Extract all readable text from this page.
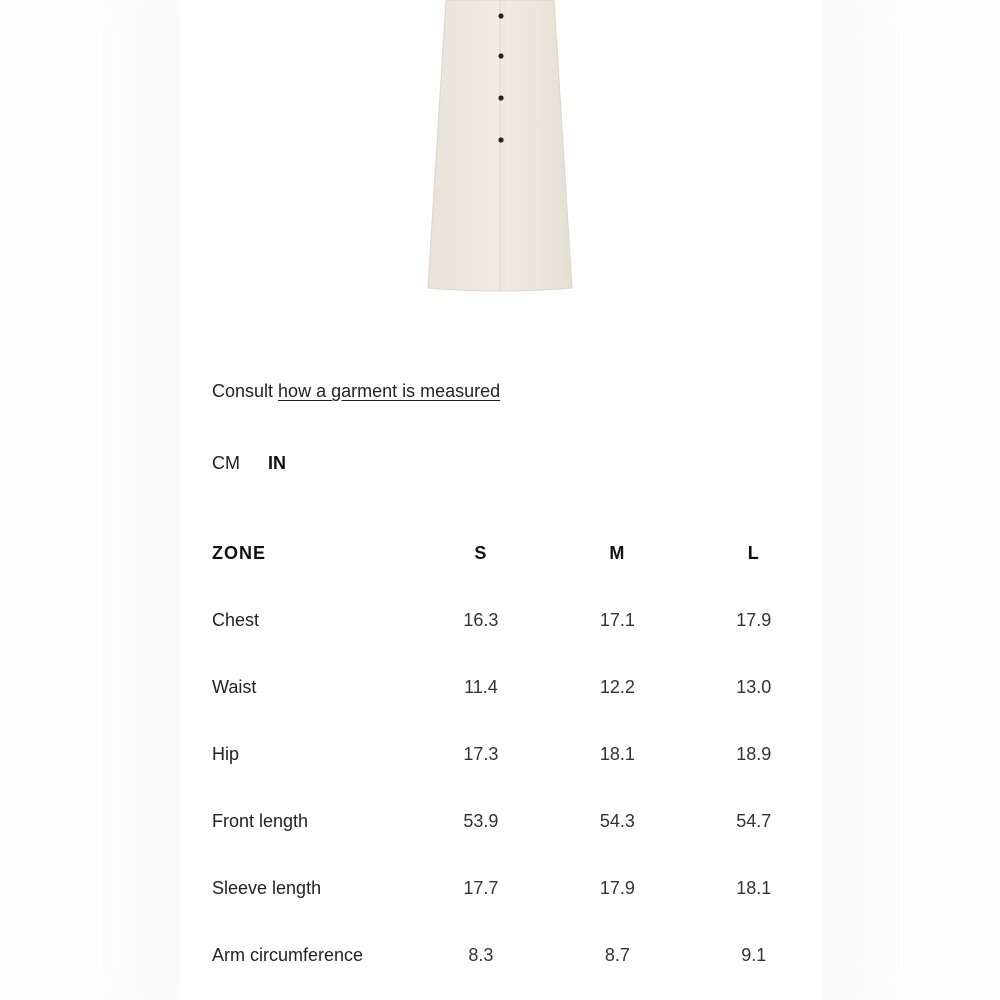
Consult how a garment is measured
CM IN
ZONE	S	M	L
Chest	16.3	17.1	17.9
Waist	11.4	12.2	13.0
Hip	17.3	18.1	18.9
Front length	53.9	54.3	54.7
Sleeve length	17.7	17.9	18.1
Arm circumference	8.3	8.7	9.1
